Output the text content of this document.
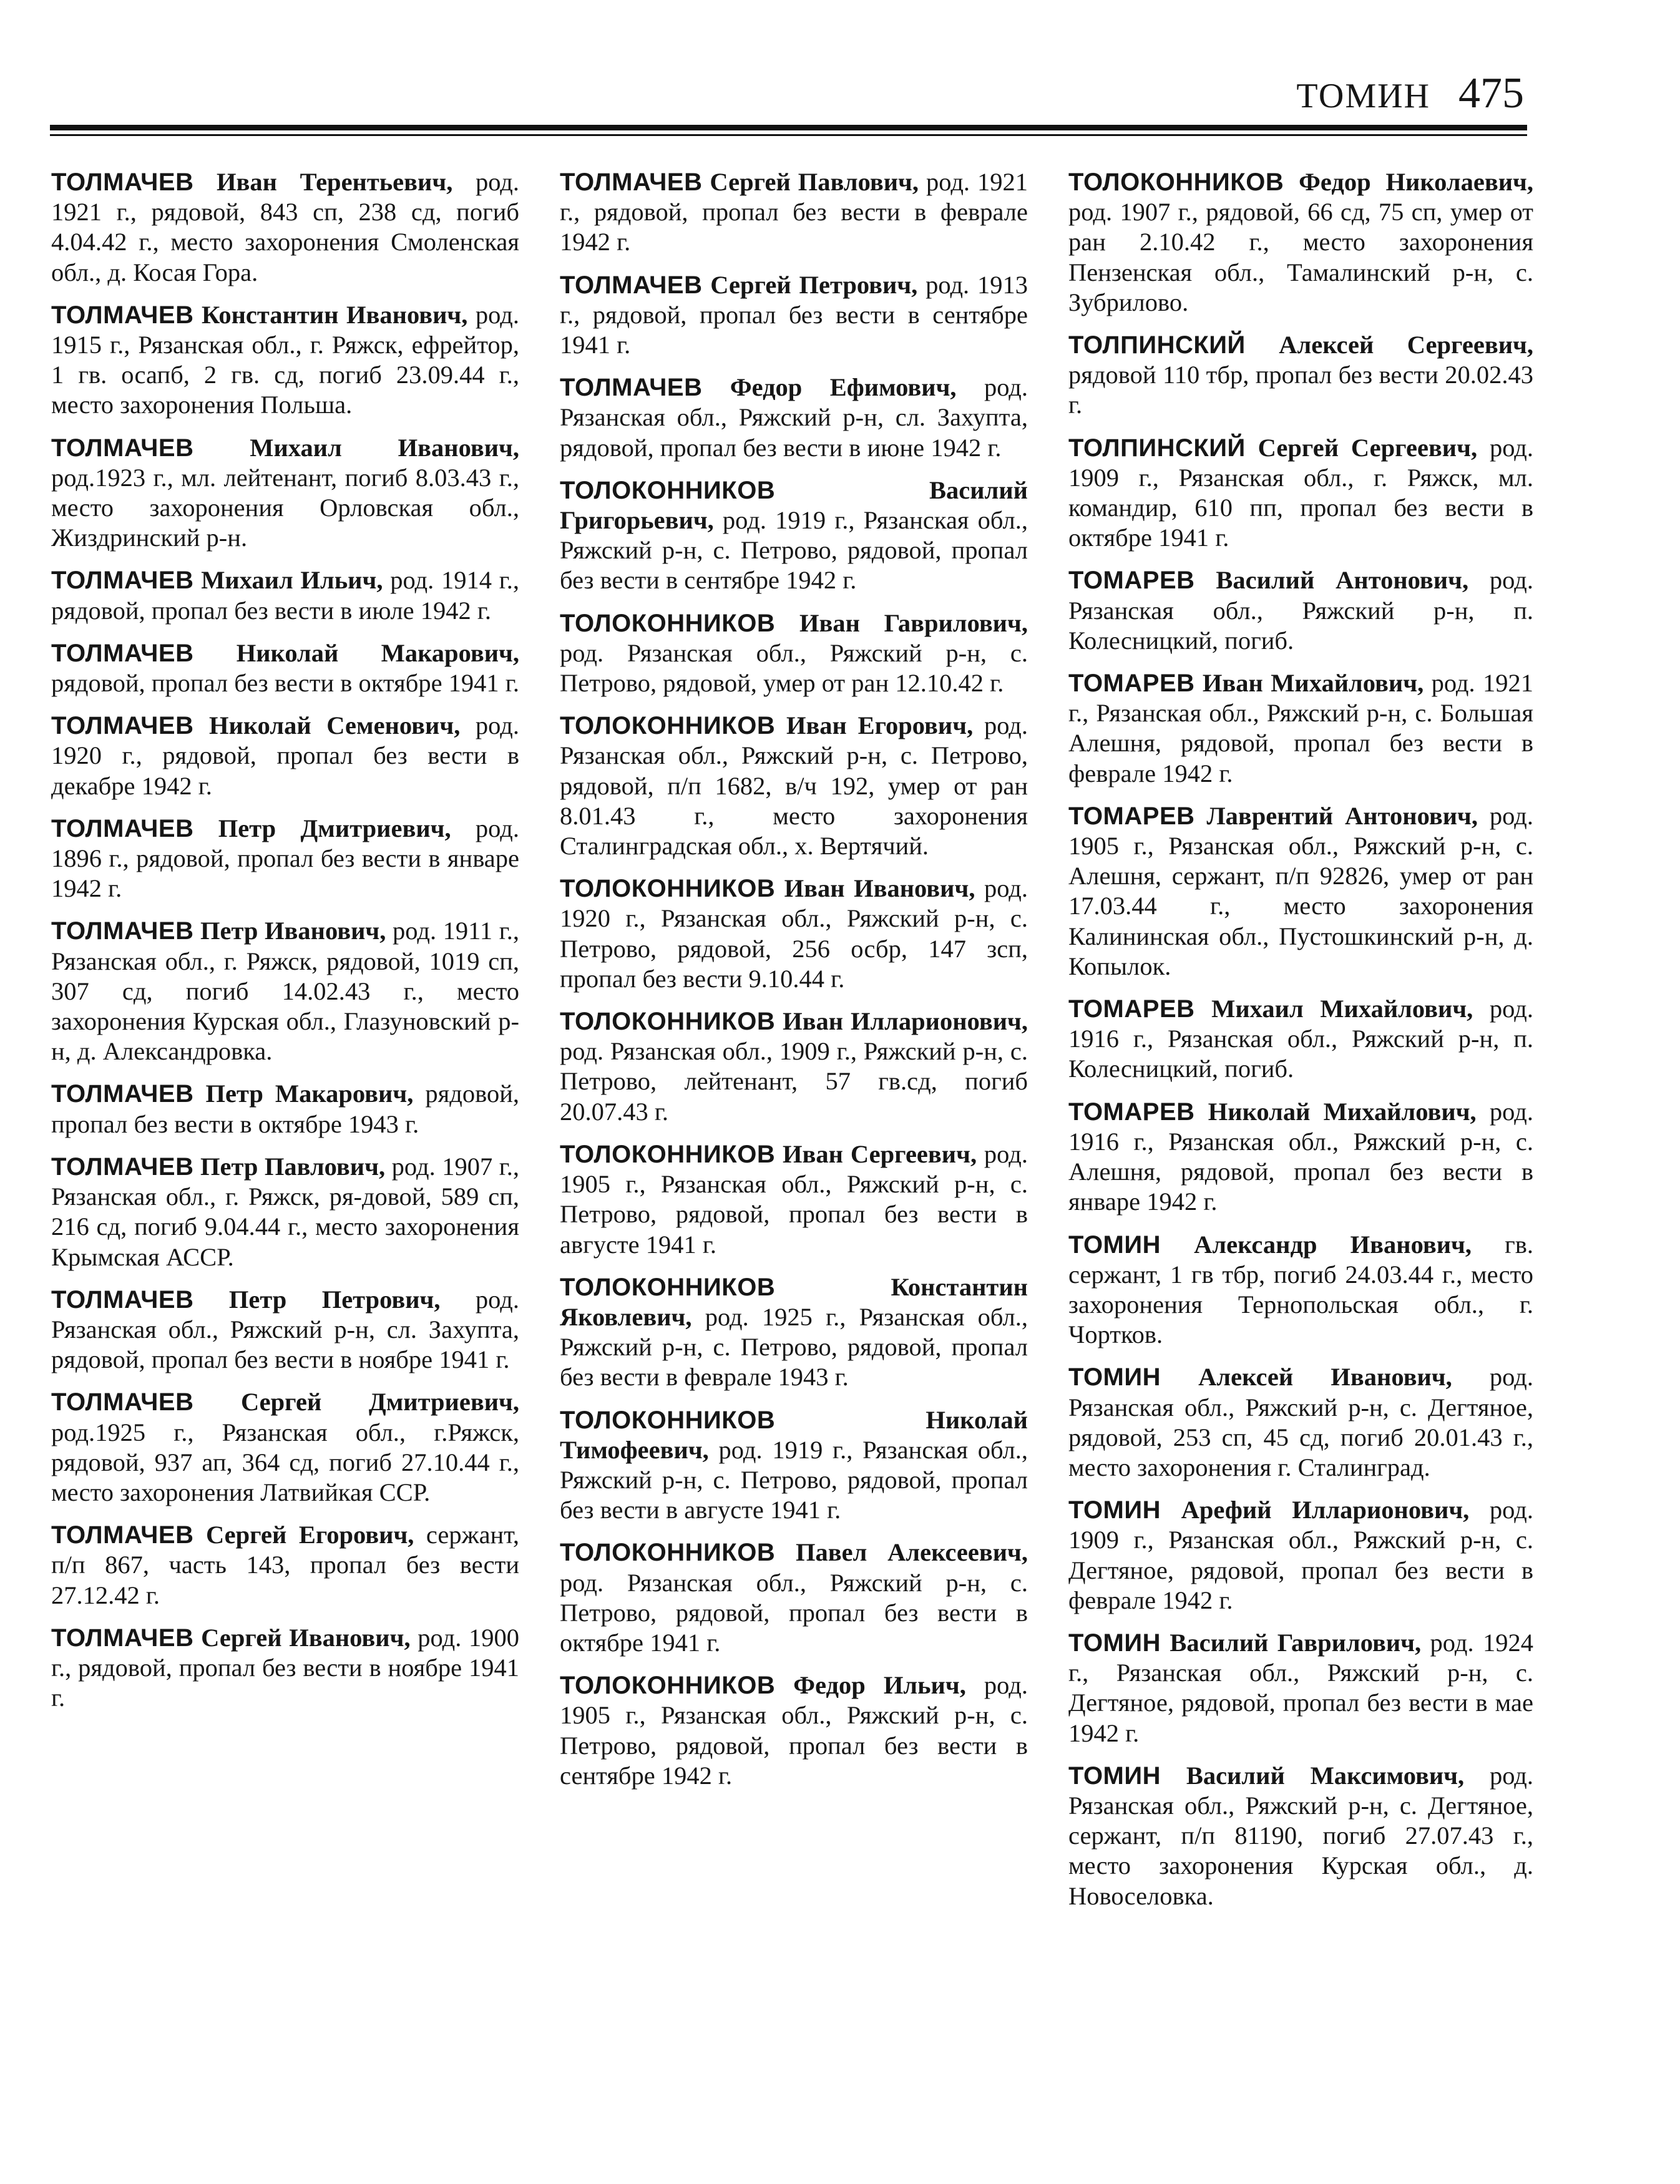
ТОМИН 475

ТОЛМАЧЕВ Иван Терентьевич, род. 1921 г., рядовой, 843 сп, 238 сд, погиб 4.04.42 г., место захоронения Смоленская обл., д. Косая Гора.

ТОЛМАЧЕВ Константин Иванович, род. 1915 г., Рязанская обл., г. Ряжск, ефрейтор, 1 гв. осапб, 2 гв. сд, погиб 23.09.44 г., место захоронения Польша.

ТОЛМАЧЕВ Михаил Иванович, род.1923 г., мл. лейтенант, погиб 8.03.43 г., место захоронения Орловская обл., Жиздринский р-н.

ТОЛМАЧЕВ Михаил Ильич, род. 1914 г., рядовой, пропал без вести в июле 1942 г.

ТОЛМАЧЕВ Николай Макарович, рядовой, пропал без вести в октябре 1941 г.

ТОЛМАЧЕВ Николай Семенович, род. 1920 г., рядовой, пропал без вести в декабре 1942 г.

ТОЛМАЧЕВ Петр Дмитриевич, род. 1896 г., рядовой, пропал без вести в январе 1942 г.

ТОЛМАЧЕВ Петр Иванович, род. 1911 г., Рязанская обл., г. Ряжск, рядовой, 1019 сп, 307 сд, погиб 14.02.43 г., место захоронения Курская обл., Глазуновский р-н, д. Александровка.

ТОЛМАЧЕВ Петр Макарович, рядовой, пропал без вести в октябре 1943 г.

ТОЛМАЧЕВ Петр Павлович, род. 1907 г., Рязанская обл., г. Ряжск, ря-довой, 589 сп, 216 сд, погиб 9.04.44 г., место захоронения Крымская АССР.

ТОЛМАЧЕВ Петр Петрович, род. Рязанская обл., Ряжский р-н, сл. Захупта, рядовой, пропал без вести в ноябре 1941 г.

ТОЛМАЧЕВ Сергей Дмитриевич, род.1925 г., Рязанская обл., г.Ряжск, рядовой, 937 ап, 364 сд, погиб 27.10.44 г., место захоронения Латвийкая ССР.

ТОЛМАЧЕВ Сергей Егорович, сержант, п/п 867, часть 143, пропал без вести 27.12.42 г.

ТОЛМАЧЕВ Сергей Иванович, род. 1900 г., рядовой, пропал без вести в ноябре 1941 г.

ТОЛМАЧЕВ Сергей Павлович, род. 1921 г., рядовой, пропал без вести в феврале 1942 г.

ТОЛМАЧЕВ Сергей Петрович, род. 1913 г., рядовой, пропал без вести в сентябре 1941 г.

ТОЛМАЧЕВ Федор Ефимович, род. Рязанская обл., Ряжский р-н, сл. Захупта, рядовой, пропал без вести в июне 1942 г.

ТОЛОКОННИКОВ	Василий Григорьевич, род. 1919 г., Рязанская обл., Ряжский р-н, с. Петрово, рядовой, пропал без вести в сентябре 1942 г.

ТОЛОКОННИКОВ Иван Гаврилович, род. Рязанская обл., Ряжский р-н, с. Петрово, рядовой, умер от ран 12.10.42 г.

ТОЛОКОННИКОВ Иван Егорович, род. Рязанская обл., Ряжский р-н, с. Петрово, рядовой, п/п 1682, в/ч 192, умер от ран 8.01.43 г., место захоронения Сталинградская обл., х. Вертячий.

ТОЛОКОННИКОВ Иван Иванович, род. 1920 г., Рязанская обл., Ряжский р-н, с. Петрово, рядовой, 256 осбр, 147 зсп, пропал без вести 9.10.44 г.

ТОЛОКОННИКОВ Иван Илларионович, род. Рязанская обл., 1909 г., Ряжский р-н, с. Петрово, лейтенант, 57 гв.сд, погиб 20.07.43 г.

ТОЛОКОННИКОВ Иван Сергеевич, род. 1905 г., Рязанская обл., Ряжский р-н, с. Петрово, рядовой, пропал без вести в августе 1941 г.

ТОЛОКОННИКОВ	Константин Яковлевич, род. 1925 г., Рязанская обл., Ряжский р-н, с. Петрово, рядовой, пропал без вести в феврале 1943 г.

ТОЛОКОННИКОВ	Николай Тимофеевич, род. 1919 г., Рязанская обл., Ряжский р-н, с. Петрово, рядовой, пропал без вести в августе 1941 г.

ТОЛОКОННИКОВ Павел Алексеевич, род. Рязанская обл., Ряжский р-н, с. Петрово, рядовой, пропал без вести в октябре 1941 г.

ТОЛОКОННИКОВ Федор Ильич, род. 1905 г., Рязанская обл., Ряжский р-н, с. Петрово, рядовой, пропал без вести в сентябре 1942 г.

ТОЛОКОННИКОВ Федор Николаевич, род. 1907 г., рядовой, 66 сд, 75 сп, умер от ран 2.10.42 г., место захоронения Пензенская обл., Тамалинский р-н, с. Зубрилово.

ТОЛПИНСКИЙ Алексей Сергеевич, рядовой 110 тбр, пропал без вести 20.02.43 г.

ТОЛПИНСКИЙ Сергей Сергеевич, род. 1909 г., Рязанская обл., г. Ряжск, мл. командир, 610 пп, пропал без вести в октябре 1941 г.

ТОМАРЕВ Василий Антонович, род. Рязанская обл., Ряжский р-н, п. Колесницкий, погиб.

ТОМАРЕВ Иван Михайлович, род. 1921 г., Рязанская обл., Ряжский р-н, с. Большая Алешня, рядовой, пропал без вести в феврале 1942 г.

ТОМАРЕВ Лаврентий Антонович, род. 1905 г., Рязанская обл., Ряжский р-н, с. Алешня, сержант, п/п 92826, умер от ран 17.03.44 г., место захоронения Калининская обл., Пустошкинский р-н, д. Копылок.

ТОМАРЕВ Михаил Михайлович, род. 1916 г., Рязанская обл., Ряжский р-н, п. Колесницкий, погиб.

ТОМАРЕВ Николай Михайлович, род. 1916 г., Рязанская обл., Ряжский р-н, с. Алешня, рядовой, пропал без вести в январе 1942 г.

ТОМИН Александр Иванович, гв. сержант, 1 гв тбр, погиб 24.03.44 г., место захоронения Тернопольская обл., г. Чортков.

ТОМИН Алексей Иванович, род. Рязанская обл., Ряжский р-н, с. Дегтяное, рядовой, 253 сп, 45 сд, погиб 20.01.43 г., место захоронения г. Сталинград.

ТОМИН Арефий Илларионович, род. 1909 г., Рязанская обл., Ряжский р-н, с. Дегтяное, рядовой, пропал без вести в феврале 1942 г.

ТОМИН Василий Гаврилович, род. 1924 г., Рязанская обл., Ряжский р-н, с. Дегтяное, рядовой, пропал без вести в мае 1942 г.

ТОМИН Василий Максимович, род. Рязанская обл., Ряжский р-н, с. Дегтяное, сержант, п/п 81190, погиб 27.07.43 г., место захоронения Курская обл., д. Новоселовка.
